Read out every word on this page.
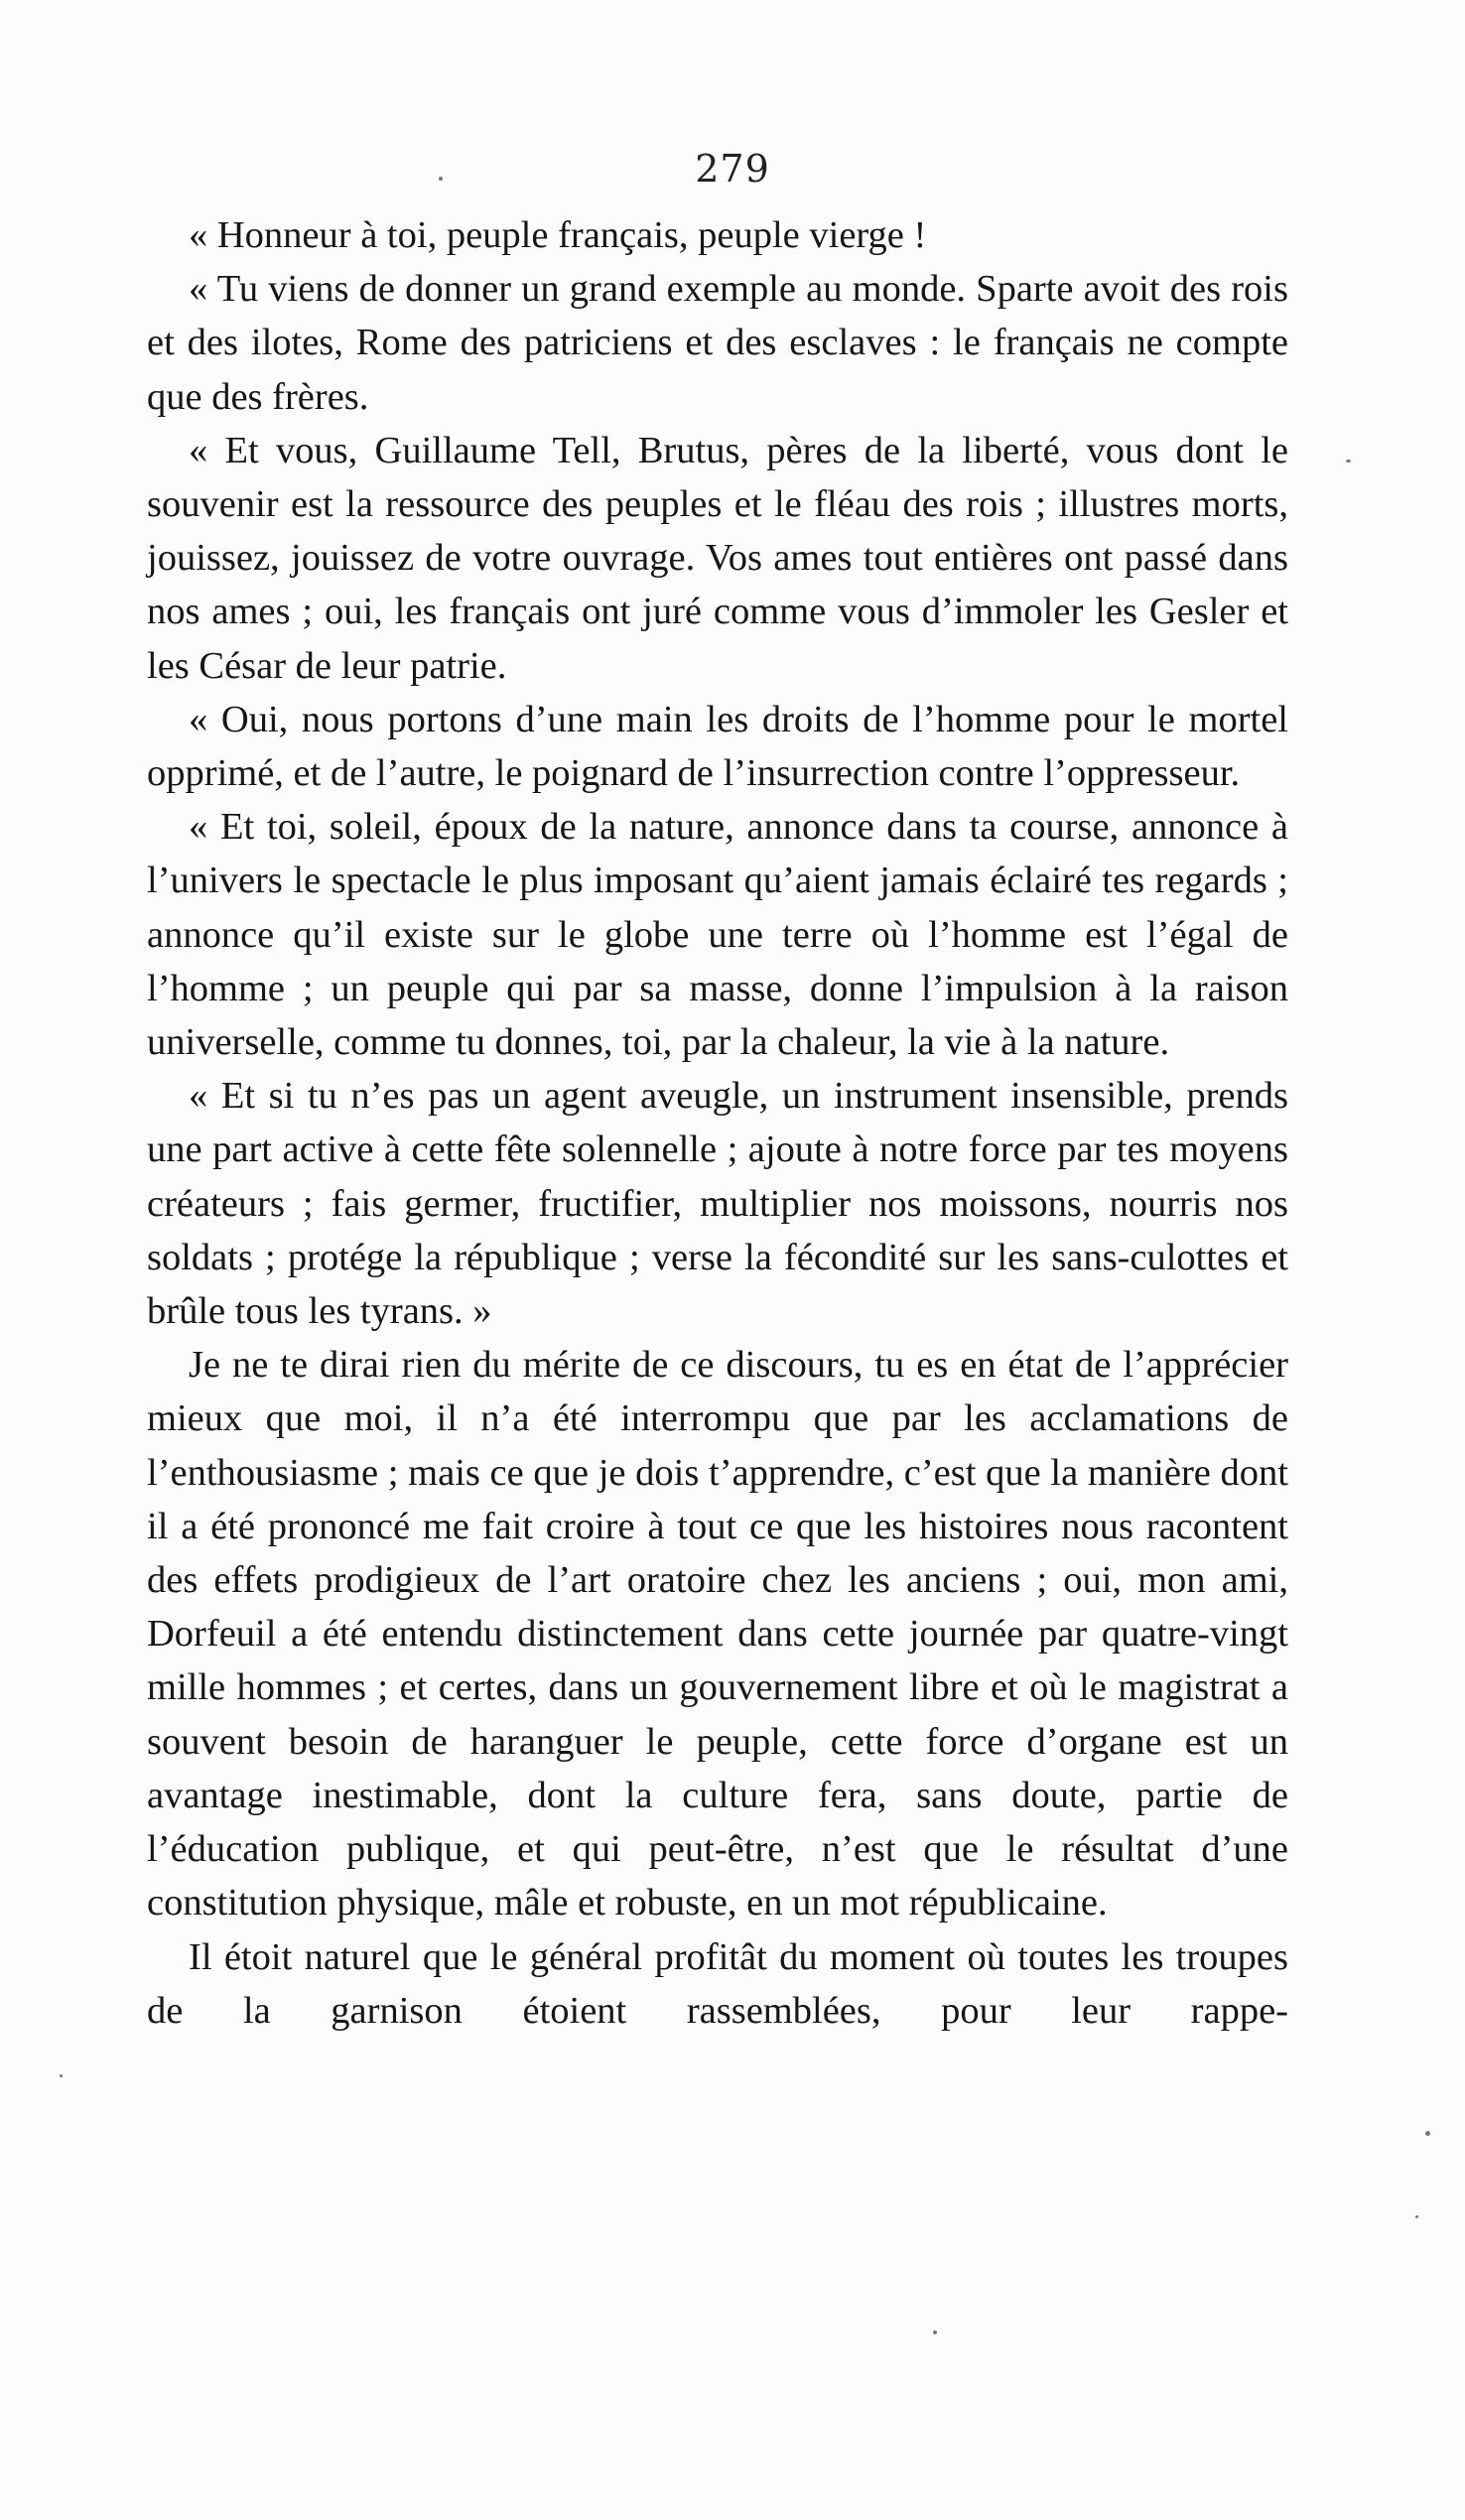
279

« Honneur à toi, peuple français, peuple vierge !

« Tu viens de donner un grand exemple au monde. Sparte avoit des rois et des ilotes, Rome des patriciens et des esclaves : le français ne compte que des frères.

« Et vous, Guillaume Tell, Brutus, pères de la liberté, vous dont le souvenir est la ressource des peuples et le fléau des rois ; illustres morts, jouissez, jouissez de votre ouvrage. Vos ames tout entières ont passé dans nos ames ; oui, les français ont juré comme vous d’immoler les Gesler et les César de leur patrie.

« Oui, nous portons d’une main les droits de l’homme pour le mortel opprimé, et de l’autre, le poignard de l’insurrection contre l’oppresseur.

« Et toi, soleil, époux de la nature, annonce dans ta course, annonce à l’univers le spectacle le plus imposant qu’aient jamais éclairé tes regards ; annonce qu’il existe sur le globe une terre où l’homme est l’égal de l’homme ; un peuple qui par sa masse, donne l’impulsion à la raison universelle, comme tu donnes, toi, par la chaleur, la vie à la nature.

« Et si tu n’es pas un agent aveugle, un instrument insensible, prends une part active à cette fête solennelle ; ajoute à notre force par tes moyens créateurs ; fais germer, fructifier, multiplier nos moissons, nourris nos soldats ; protége la république ; verse la fécondité sur les sans-culottes et brûle tous les tyrans. »

Je ne te dirai rien du mérite de ce discours, tu es en état de l’apprécier mieux que moi, il n’a été interrompu que par les acclamations de l’enthousiasme ; mais ce que je dois t’apprendre, c’est que la manière dont il a été prononcé me fait croire à tout ce que les histoires nous racontent des effets prodigieux de l’art oratoire chez les anciens ; oui, mon ami, Dorfeuil a été entendu distinctement dans cette journée par quatre-vingt mille hommes ; et certes, dans un gouvernement libre et où le magistrat a souvent besoin de haranguer le peuple, cette force d’organe est un avantage inestimable, dont la culture fera, sans doute, partie de l’éducation publique, et qui peut-être, n’est que le résultat d’une constitution physique, mâle et robuste, en un mot républicaine.

Il étoit naturel que le général profitât du moment où toutes les troupes de la garnison étoient rassemblées, pour leur rappe-
